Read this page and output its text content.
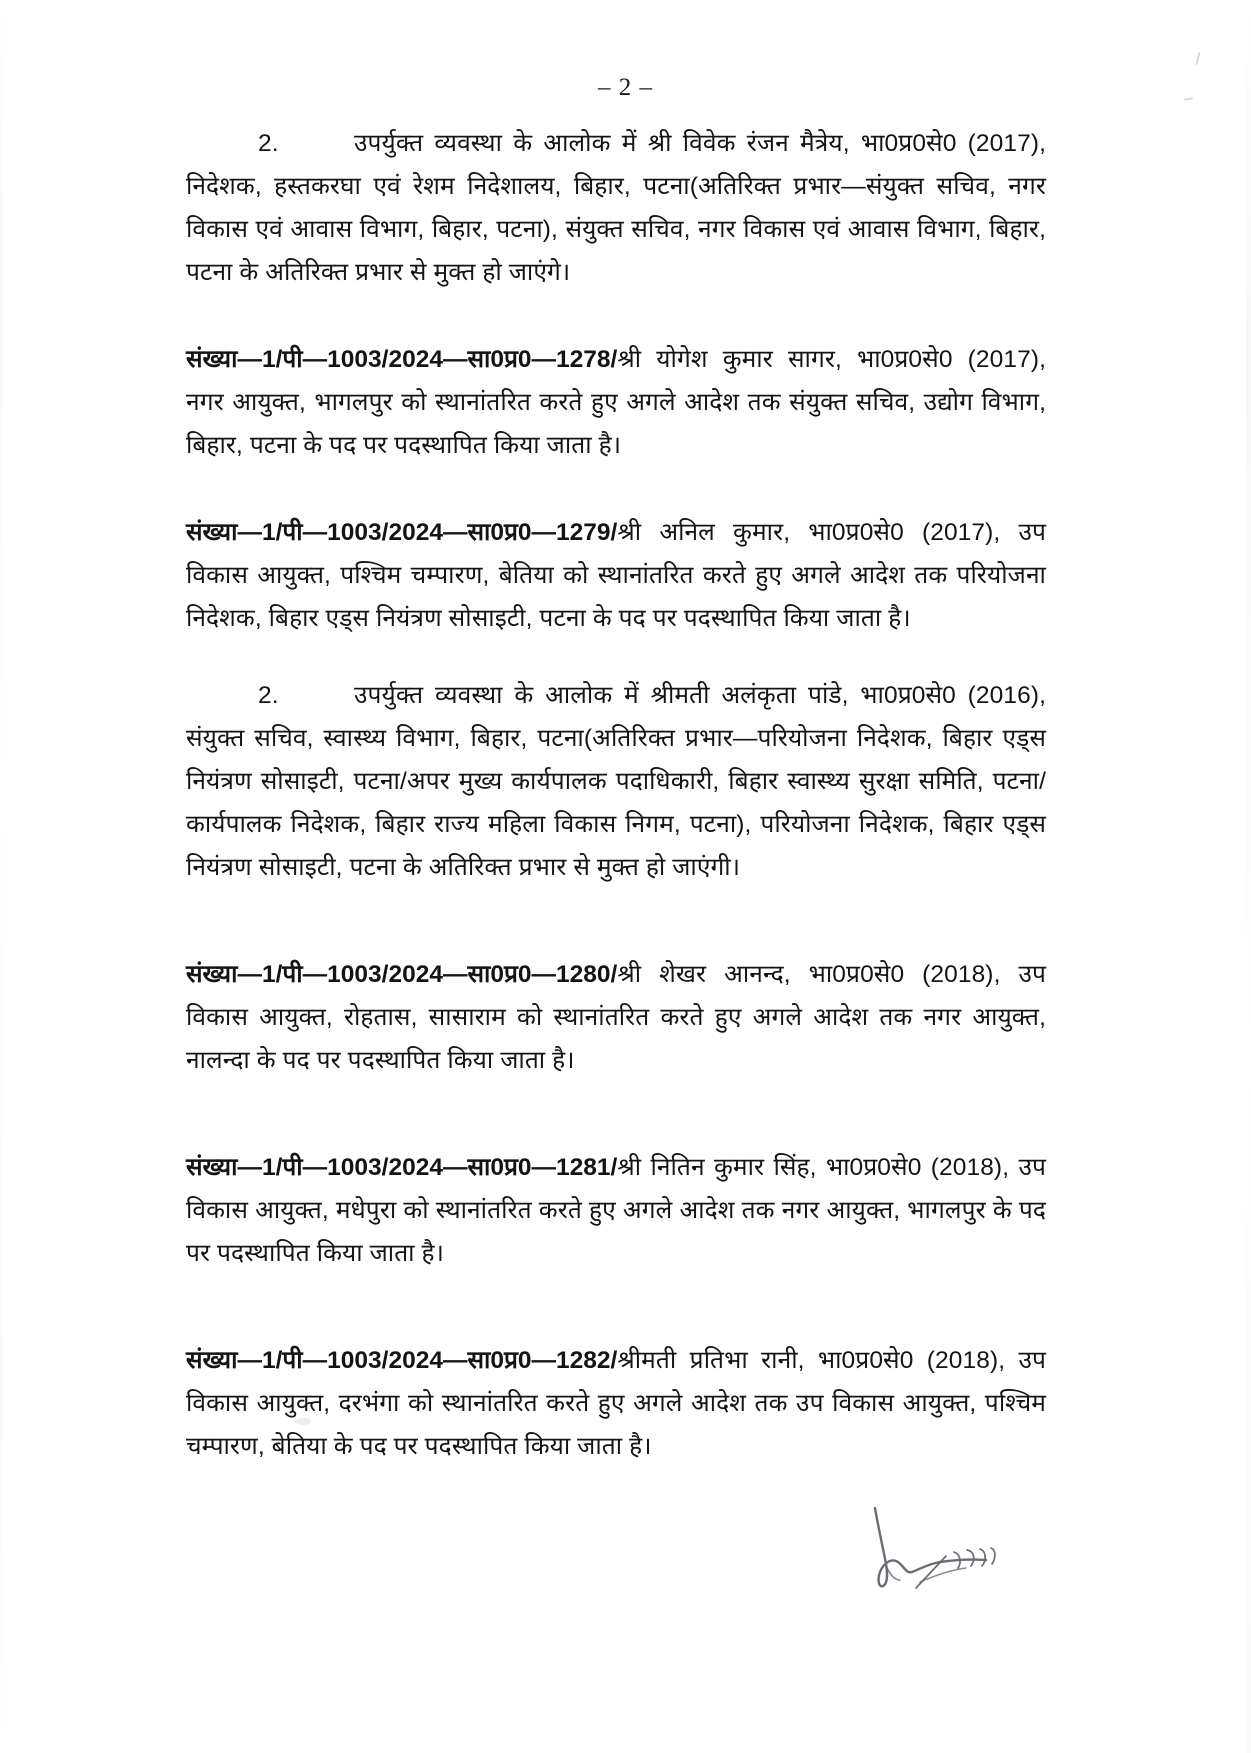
– 2 –

2.	उपर्युक्त व्यवस्था के आलोक में श्री विवेक रंजन मैत्रेय, भा0प्र0से0 (2017), निदेशक, हस्तकरघा एवं रेशम निदेशालय, बिहार, पटना(अतिरिक्त प्रभार—संयुक्त सचिव, नगर विकास एवं आवास विभाग, बिहार, पटना), संयुक्त सचिव, नगर विकास एवं आवास विभाग, बिहार, पटना के अतिरिक्त प्रभार से मुक्त हो जाएंगे।

संख्या—1/पी—1003/2024—सा0प्र0—1278/श्री योगेश कुमार सागर, भा0प्र0से0 (2017), नगर आयुक्त, भागलपुर को स्थानांतरित करते हुए अगले आदेश तक संयुक्त सचिव, उद्योग विभाग, बिहार, पटना के पद पर पदस्थापित किया जाता है।

संख्या—1/पी—1003/2024—सा0प्र0—1279/श्री अनिल कुमार, भा0प्र0से0 (2017), उप विकास आयुक्त, पश्चिम चम्पारण, बेतिया को स्थानांतरित करते हुए अगले आदेश तक परियोजना निदेशक, बिहार एड्स नियंत्रण सोसाइटी, पटना के पद पर पदस्थापित किया जाता है।

2.	उपर्युक्त व्यवस्था के आलोक में श्रीमती अलंकृता पांडे, भा0प्र0से0 (2016), संयुक्त सचिव, स्वास्थ्य विभाग, बिहार, पटना(अतिरिक्त प्रभार—परियोजना निदेशक, बिहार एड्स नियंत्रण सोसाइटी, पटना/अपर मुख्य कार्यपालक पदाधिकारी, बिहार स्वास्थ्य सुरक्षा समिति, पटना/कार्यपालक निदेशक, बिहार राज्य महिला विकास निगम, पटना), परियोजना निदेशक, बिहार एड्स नियंत्रण सोसाइटी, पटना के अतिरिक्त प्रभार से मुक्त हो जाएंगी।

संख्या—1/पी—1003/2024—सा0प्र0—1280/श्री शेखर आनन्द, भा0प्र0से0 (2018), उप विकास आयुक्त, रोहतास, सासाराम को स्थानांतरित करते हुए अगले आदेश तक नगर आयुक्त, नालन्दा के पद पर पदस्थापित किया जाता है।

संख्या—1/पी—1003/2024—सा0प्र0—1281/श्री नितिन कुमार सिंह, भा0प्र0से0 (2018), उप विकास आयुक्त, मधेपुरा को स्थानांतरित करते हुए अगले आदेश तक नगर आयुक्त, भागलपुर के पद पर पदस्थापित किया जाता है।

संख्या—1/पी—1003/2024—सा0प्र0—1282/श्रीमती प्रतिभा रानी, भा0प्र0से0 (2018), उप विकास आयुक्त, दरभंगा को स्थानांतरित करते हुए अगले आदेश तक उप विकास आयुक्त, पश्चिम चम्पारण, बेतिया के पद पर पदस्थापित किया जाता है।
